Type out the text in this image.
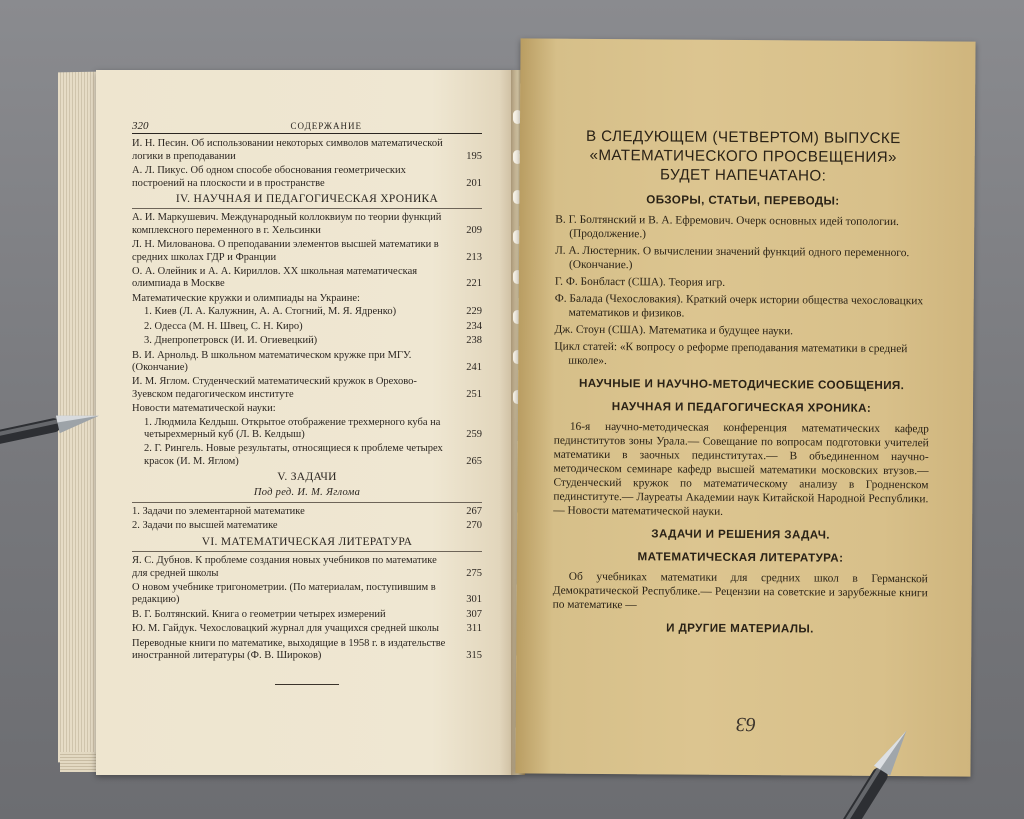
320	СОДЕРЖАНИЕ
И. Н. Песин. Об использовании некоторых символов математической логики в преподавании	195
А. Л. Пикус. Об одном способе обоснования геометрических построений на плоскости и в пространстве	201
IV. НАУЧНАЯ И ПЕДАГОГИЧЕСКАЯ ХРОНИКА
А. И. Маркушевич. Международный коллоквиум по теории функций комплексного переменного в г. Хельсинки	209
Л. Н. Милованова. О преподавании элементов высшей математики в средних школах ГДР и Франции	213
О. А. Олейник и А. А. Кириллов. XX школьная математическая олимпиада в Москве	221
Математические кружки и олимпиады на Украине:
1. Киев (Л. А. Калужнин, А. А. Стогний, М. Я. Ядренко)	229
2. Одесса (М. Н. Швец, С. Н. Киро)	234
3. Днепропетровск (И. И. Огиевецкий)	238
В. И. Арнольд. В школьном математическом кружке при МГУ. (Окончание)	241
И. М. Яглом. Студенческий математический кружок в Орехово-Зуевском педагогическом институте	251
Новости математической науки:
1. Людмила Келдыш. Открытое отображение трехмерного куба на четырехмерный куб (Л. В. Келдыш)	259
2. Г. Рингель. Новые результаты, относящиеся к проблеме четырех красок (И. М. Яглом)	265
V. ЗАДАЧИ
Под ред. И. М. Яглома
1. Задачи по элементарной математике	267
2. Задачи по высшей математике	270
VI. МАТЕМАТИЧЕСКАЯ ЛИТЕРАТУРА
Я. С. Дубнов. К проблеме создания новых учебников по математике для средней школы	275
О новом учебнике тригонометрии. (По материалам, поступившим в редакцию)	301
В. Г. Болтянский. Книга о геометрии четырех измерений	307
Ю. М. Гайдук. Чехословацкий журнал для учащихся средней школы	311
Переводные книги по математике, выходящие в 1958 г. в издательстве иностранной литературы (Ф. В. Широков)	315
В СЛЕДУЮЩЕМ (ЧЕТВЕРТОМ) ВЫПУСКЕ
«МАТЕМАТИЧЕСКОГО ПРОСВЕЩЕНИЯ»
БУДЕТ НАПЕЧАТАНО:
ОБЗОРЫ, СТАТЬИ, ПЕРЕВОДЫ:
В. Г. Болтянский и В. А. Ефремович. Очерк основных идей топологии. (Продолжение.)
Л. А. Люстерник. О вычислении значений функций одного переменного. (Окончание.)
Г. Ф. Бонбласт (США). Теория игр.
Ф. Балада (Чехословакия). Краткий очерк истории общества чехословацких математиков и физиков.
Дж. Стоун (США). Математика и будущее науки.
Цикл статей: «К вопросу о реформе преподавания математики в средней школе».
НАУЧНЫЕ И НАУЧНО-МЕТОДИЧЕСКИЕ СООБЩЕНИЯ.
НАУЧНАЯ И ПЕДАГОГИЧЕСКАЯ ХРОНИКА:
16-я научно-методическая конференция математических кафедр пединститутов зоны Урала.— Совещание по вопросам подготовки учителей математики в заочных пединститутах.— В объединенном научно-методическом семинаре кафедр высшей математики московских втузов.— Студенческий кружок по математическому анализу в Гродненском пединституте.— Лауреаты Академии наук Китайской Народной Республики.— Новости математической науки.
ЗАДАЧИ И РЕШЕНИЯ ЗАДАЧ.
МАТЕМАТИЧЕСКАЯ ЛИТЕРАТУРА:
Об учебниках математики для средних школ в Германской Демократической Республике.— Рецензии на советские и зарубежные книги по математике —
И ДРУГИЕ МАТЕРИАЛЫ.
63
